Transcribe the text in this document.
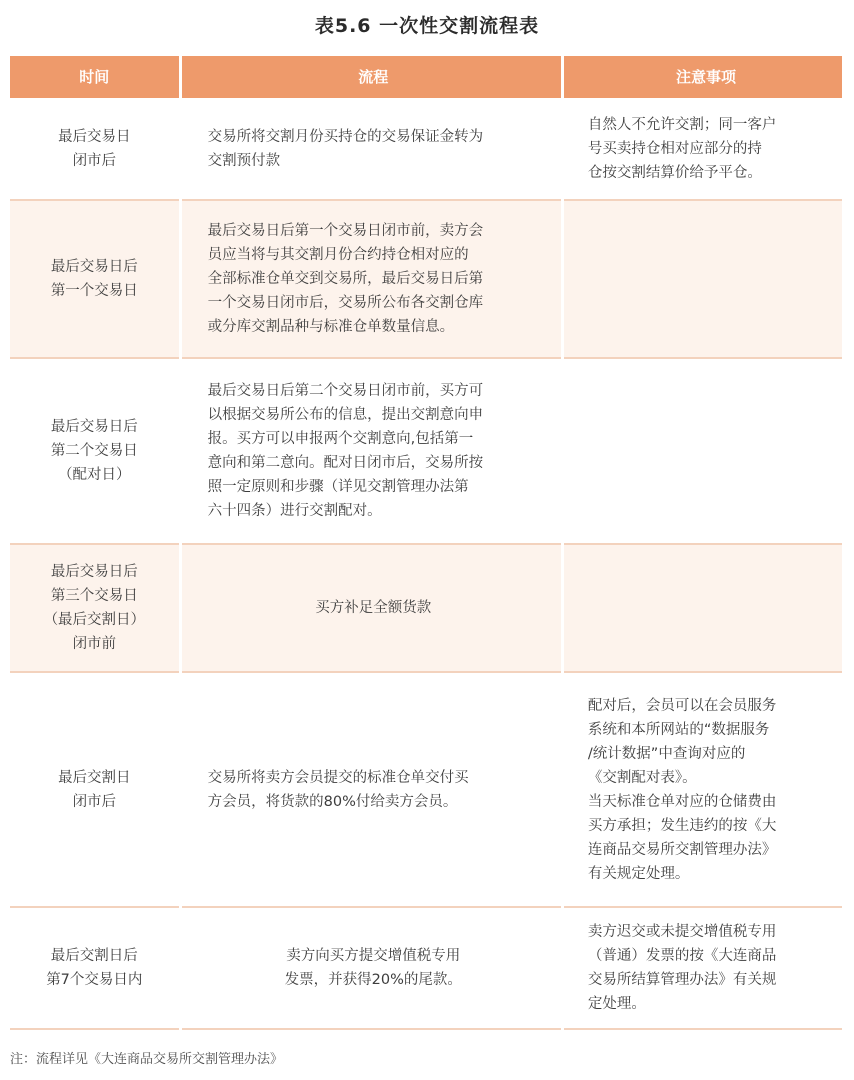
表5.6 一次性交割流程表
时间	流程	注意事项
最后交易日
闭市后
交易所将交割月份买持仓的交易保证金转为
交割预付款
自然人不允许交割；同一客户
号买卖持仓相对应部分的持
仓按交割结算价给予平仓。
最后交易日后
第一个交易日
最后交易日后第一个交易日闭市前，卖方会
员应当将与其交割月份合约持仓相对应的
全部标准仓单交到交易所，最后交易日后第
一个交易日闭市后，交易所公布各交割仓库
或分库交割品种与标准仓单数量信息。
最后交易日后
第二个交易日
（配对日）
最后交易日后第二个交易日闭市前，买方可
以根据交易所公布的信息，提出交割意向申
报。买方可以申报两个交割意向,包括第一
意向和第二意向。配对日闭市后，交易所按
照一定原则和步骤（详见交割管理办法第
六十四条）进行交割配对。
最后交易日后
第三个交易日
（最后交割日）
闭市前
买方补足全额货款
最后交割日
闭市后
交易所将卖方会员提交的标准仓单交付买
方会员，将货款的80%付给卖方会员。
配对后，会员可以在会员服务
系统和本所网站的“数据服务
/统计数据”中查询对应的
《交割配对表》。
当天标准仓单对应的仓储费由
买方承担；发生违约的按《大
连商品交易所交割管理办法》
有关规定处理。
最后交割日后
第7个交易日内
卖方向买方提交增值税专用
发票，并获得20%的尾款。
卖方迟交或未提交增值税专用
（普通）发票的按《大连商品
交易所结算管理办法》有关规
定处理。
注：流程详见《大连商品交易所交割管理办法》
